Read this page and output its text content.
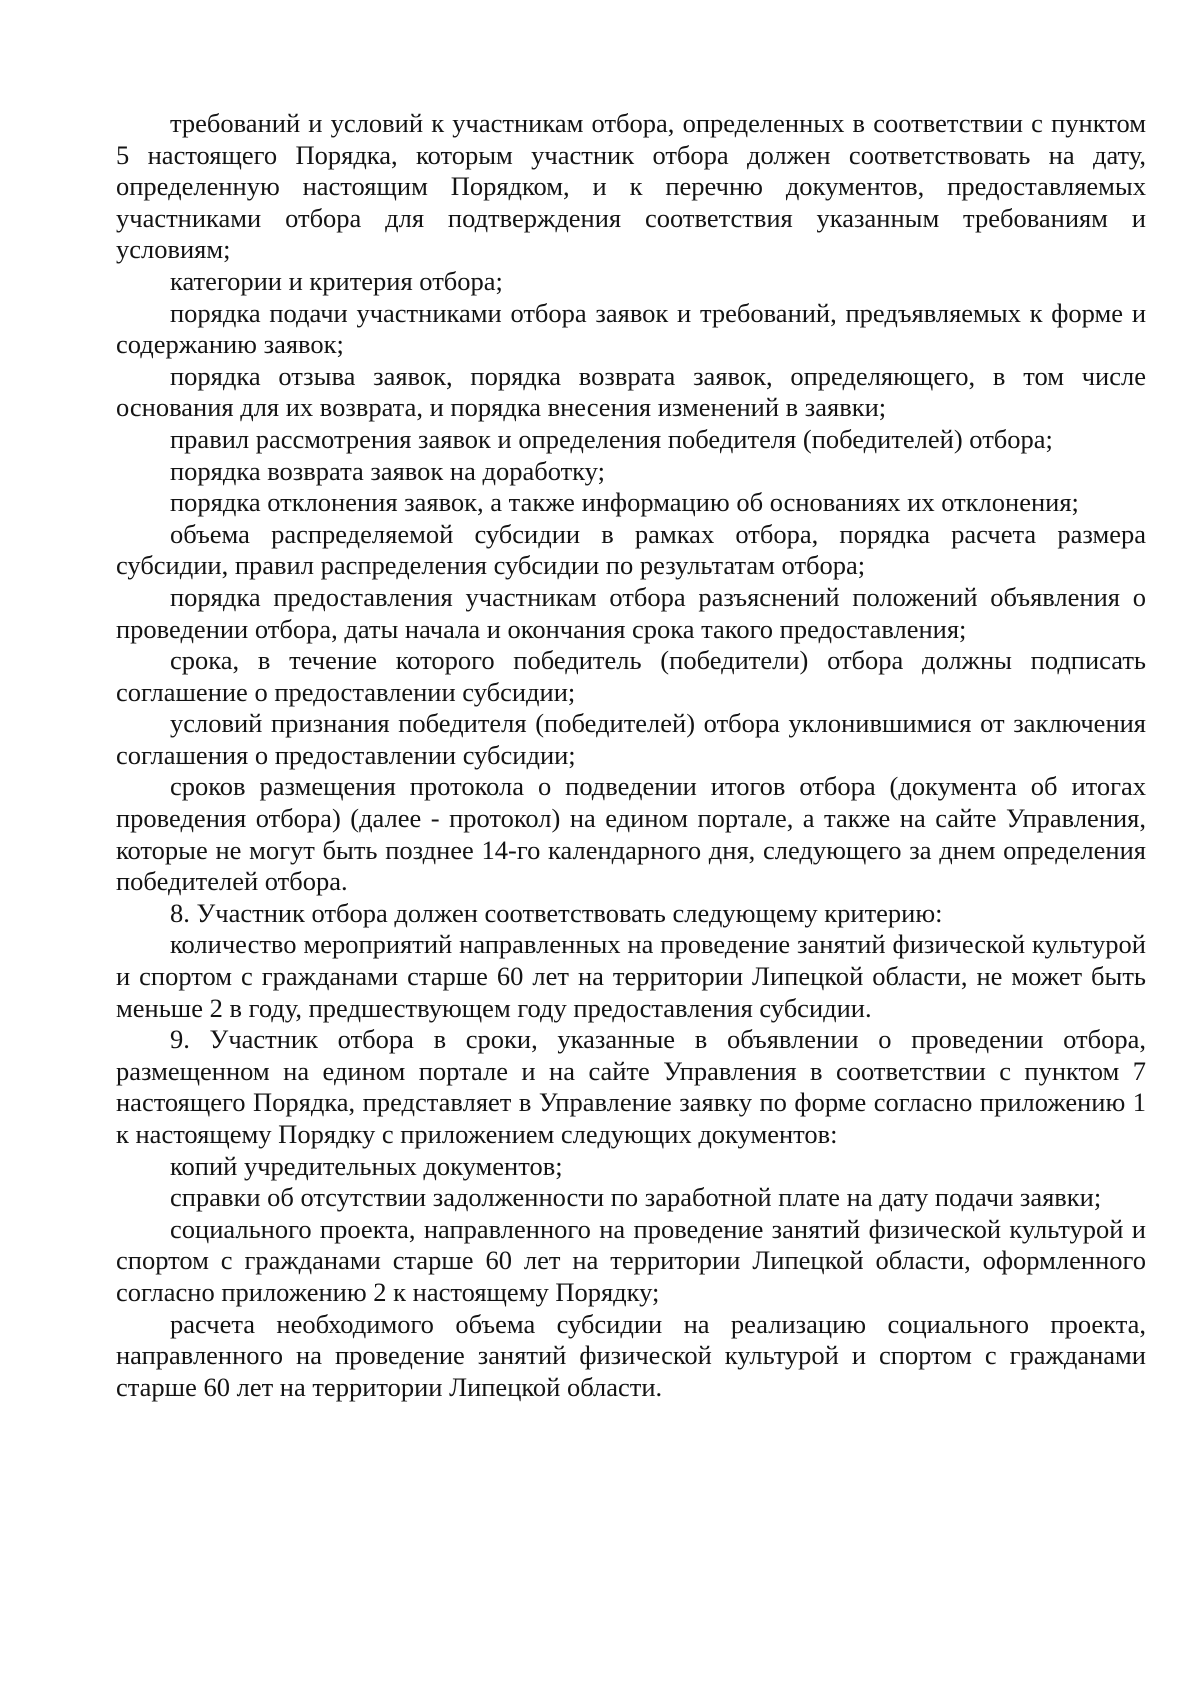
требований и условий к участникам отбора, определенных в соответствии с пунктом 5 настоящего Порядка, которым участник отбора должен соответствовать на дату, определенную настоящим Порядком, и к перечню документов, предоставляемых участниками отбора для подтверждения соответствия указанным требованиям и условиям;

категории и критерия отбора;

порядка подачи участниками отбора заявок и требований, предъявляемых к форме и содержанию заявок;

порядка отзыва заявок, порядка возврата заявок, определяющего, в том числе основания для их возврата, и порядка внесения изменений в заявки;

правил рассмотрения заявок и определения победителя (победителей) отбора;

порядка возврата заявок на доработку;

порядка отклонения заявок, а также информацию об основаниях их отклонения;

объема распределяемой субсидии в рамках отбора, порядка расчета размера субсидии, правил распределения субсидии по результатам отбора;

порядка предоставления участникам отбора разъяснений положений объявления о проведении отбора, даты начала и окончания срока такого предоставления;

срока, в течение которого победитель (победители) отбора должны подписать соглашение о предоставлении субсидии;

условий признания победителя (победителей) отбора уклонившимися от заключения соглашения о предоставлении субсидии;

сроков размещения протокола о подведении итогов отбора (документа об итогах проведения отбора) (далее - протокол) на едином портале, а также на сайте Управления, которые не могут быть позднее 14-го календарного дня, следующего за днем определения победителей отбора.

8. Участник отбора должен соответствовать следующему критерию:

количество мероприятий направленных на проведение занятий физической культурой и спортом с гражданами старше 60 лет на территории Липецкой области, не может быть меньше 2 в году, предшествующем году предоставления субсидии.

9. Участник отбора в сроки, указанные в объявлении о проведении отбора, размещенном на едином портале и на сайте Управления в соответствии с пунктом 7 настоящего Порядка, представляет в Управление заявку по форме согласно приложению 1 к настоящему Порядку с приложением следующих документов:

копий учредительных документов;

справки об отсутствии задолженности по заработной плате на дату подачи заявки;

социального проекта, направленного на проведение занятий физической культурой и спортом с гражданами старше 60 лет на территории Липецкой области, оформленного согласно приложению 2 к настоящему Порядку;

расчета необходимого объема субсидии на реализацию социального проекта, направленного на проведение занятий физической культурой и спортом с гражданами старше 60 лет на территории Липецкой области.
